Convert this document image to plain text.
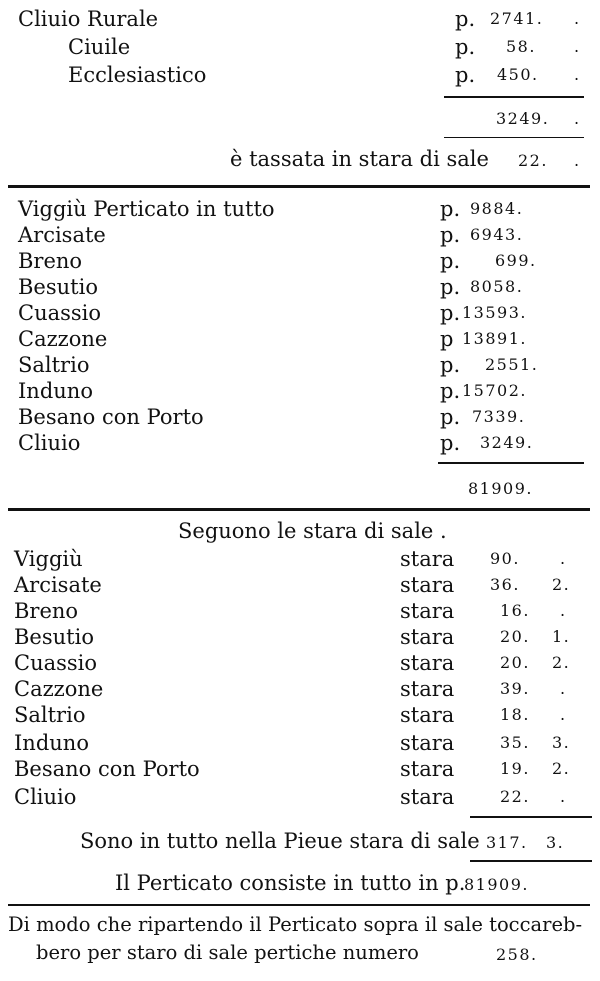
Cliuio Rurale	p. 2741. .
Ciuile	p. 58. .
Ecclesiastico	p. 450. .
3249. .
è tassata in stara di sale 22. .
Viggiù Perticato in tutto	p. 9884.
Arcisate	p. 6943.
Breno	p. 699.
Besutio	p. 8058.
Cuassio	p. 13593.
Cazzone	p 13891.
Saltrio	p. 2551.
Induno	p. 15702.
Besano con Porto	p. 7339.
Cliuio	p. 3249.
81909.
Seguono le stara di sale .
Viggiù	stara 90.	.
Arcisate	stara 36. 2.
Breno	stara	16. .
Besutio	stara	20. 1.
Cuassio	stara	20. 2.
Cazzone	stara	39. .
Saltrio	stara	18. .
Induno	stara	35. 3.
Besano con Porto	stara	19. 2.
Cliuio	stara	22. .
Sono in tutto nella Pieue stara di sale 317. 3.
Il Perticato consiste in tutto in p.
81909.
Di modo che ripartendo il Perticato sopra il sale toccareb-
bero per staro di sale pertiche numero	258.
